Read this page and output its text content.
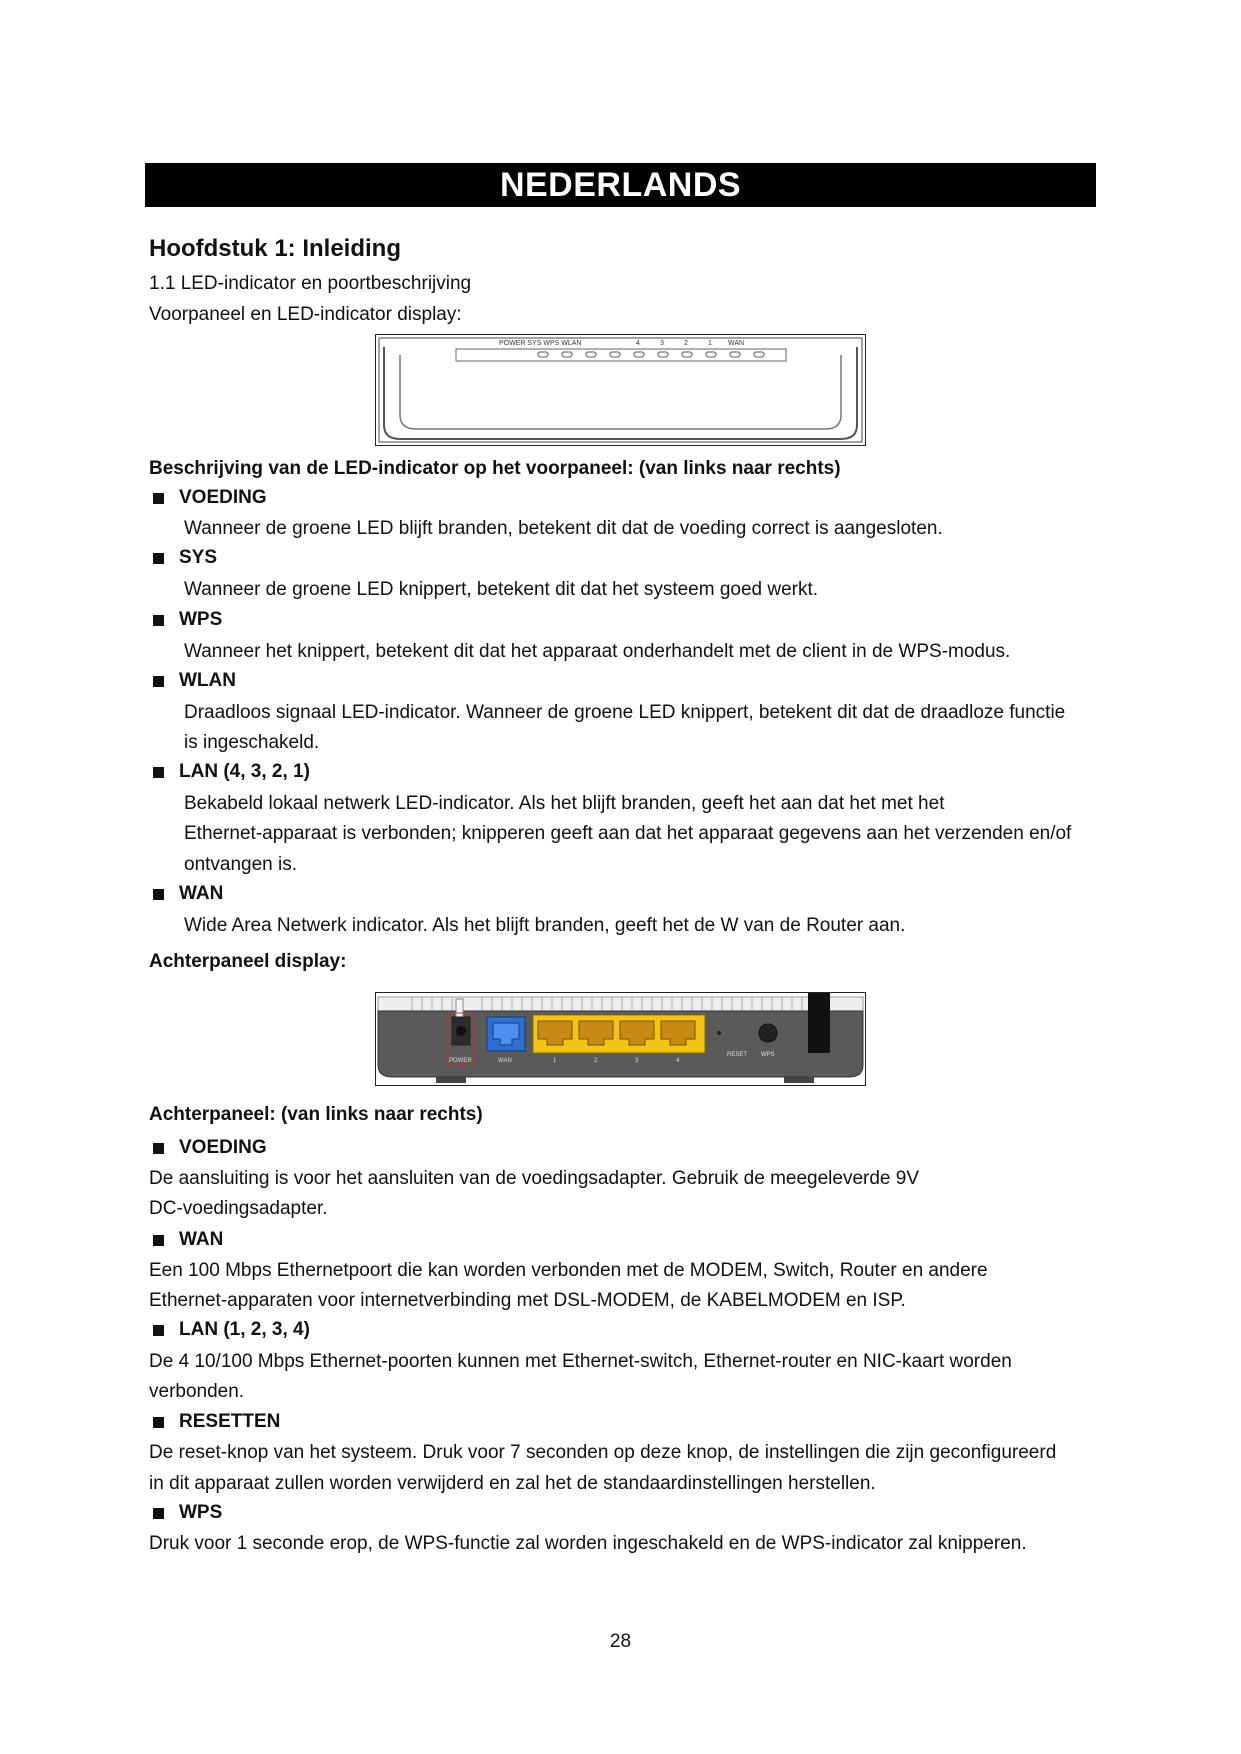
NEDERLANDS
Hoofdstuk 1: Inleiding
1.1 LED-indicator en poortbeschrijving
Voorpaneel en LED-indicator display:
POWER SYS WPS WLAN	4	3	2	1 WAN
Beschrijving van de LED-indicator op het voorpaneel: (van links naar rechts)
VOEDING
Wanneer de groene LED blijft branden, betekent dit dat de voeding correct is aangesloten.
SYS
Wanneer de groene LED knippert, betekent dit dat het systeem goed werkt.
WPS
Wanneer het knippert, betekent dit dat het apparaat onderhandelt met de client in de WPS-modus.
WLAN
Draadloos signaal LED-indicator. Wanneer de groene LED knippert, betekent dit dat de draadloze functie
is ingeschakeld.
LAN (4, 3, 2, 1)
Bekabeld lokaal netwerk LED-indicator. Als het blijft branden, geeft het aan dat het met het
Ethernet-apparaat is verbonden; knipperen geeft aan dat het apparaat gegevens aan het verzenden en/of
ontvangen is.
WAN
Wide Area Netwerk indicator. Als het blijft branden, geeft het de W van de Router aan.
Achterpaneel display:
POWER	WAN	1	2	3	4
RESET WPS
Achterpaneel: (van links naar rechts)
VOEDING
De aansluiting is voor het aansluiten van de voedingsadapter. Gebruik de meegeleverde 9V
DC-voedingsadapter.
WAN
Een 100 Mbps Ethernetpoort die kan worden verbonden met de MODEM, Switch, Router en andere
Ethernet-apparaten voor internetverbinding met DSL-MODEM, de KABELMODEM en ISP.
LAN (1, 2, 3, 4)
De 4 10/100 Mbps Ethernet-poorten kunnen met Ethernet-switch, Ethernet-router en NIC-kaart worden
verbonden.
RESETTEN
De reset-knop van het systeem. Druk voor 7 seconden op deze knop, de instellingen die zijn geconfigureerd
in dit apparaat zullen worden verwijderd en zal het de standaardinstellingen herstellen.
WPS
Druk voor 1 seconde erop, de WPS-functie zal worden ingeschakeld en de WPS-indicator zal knipperen.
28
